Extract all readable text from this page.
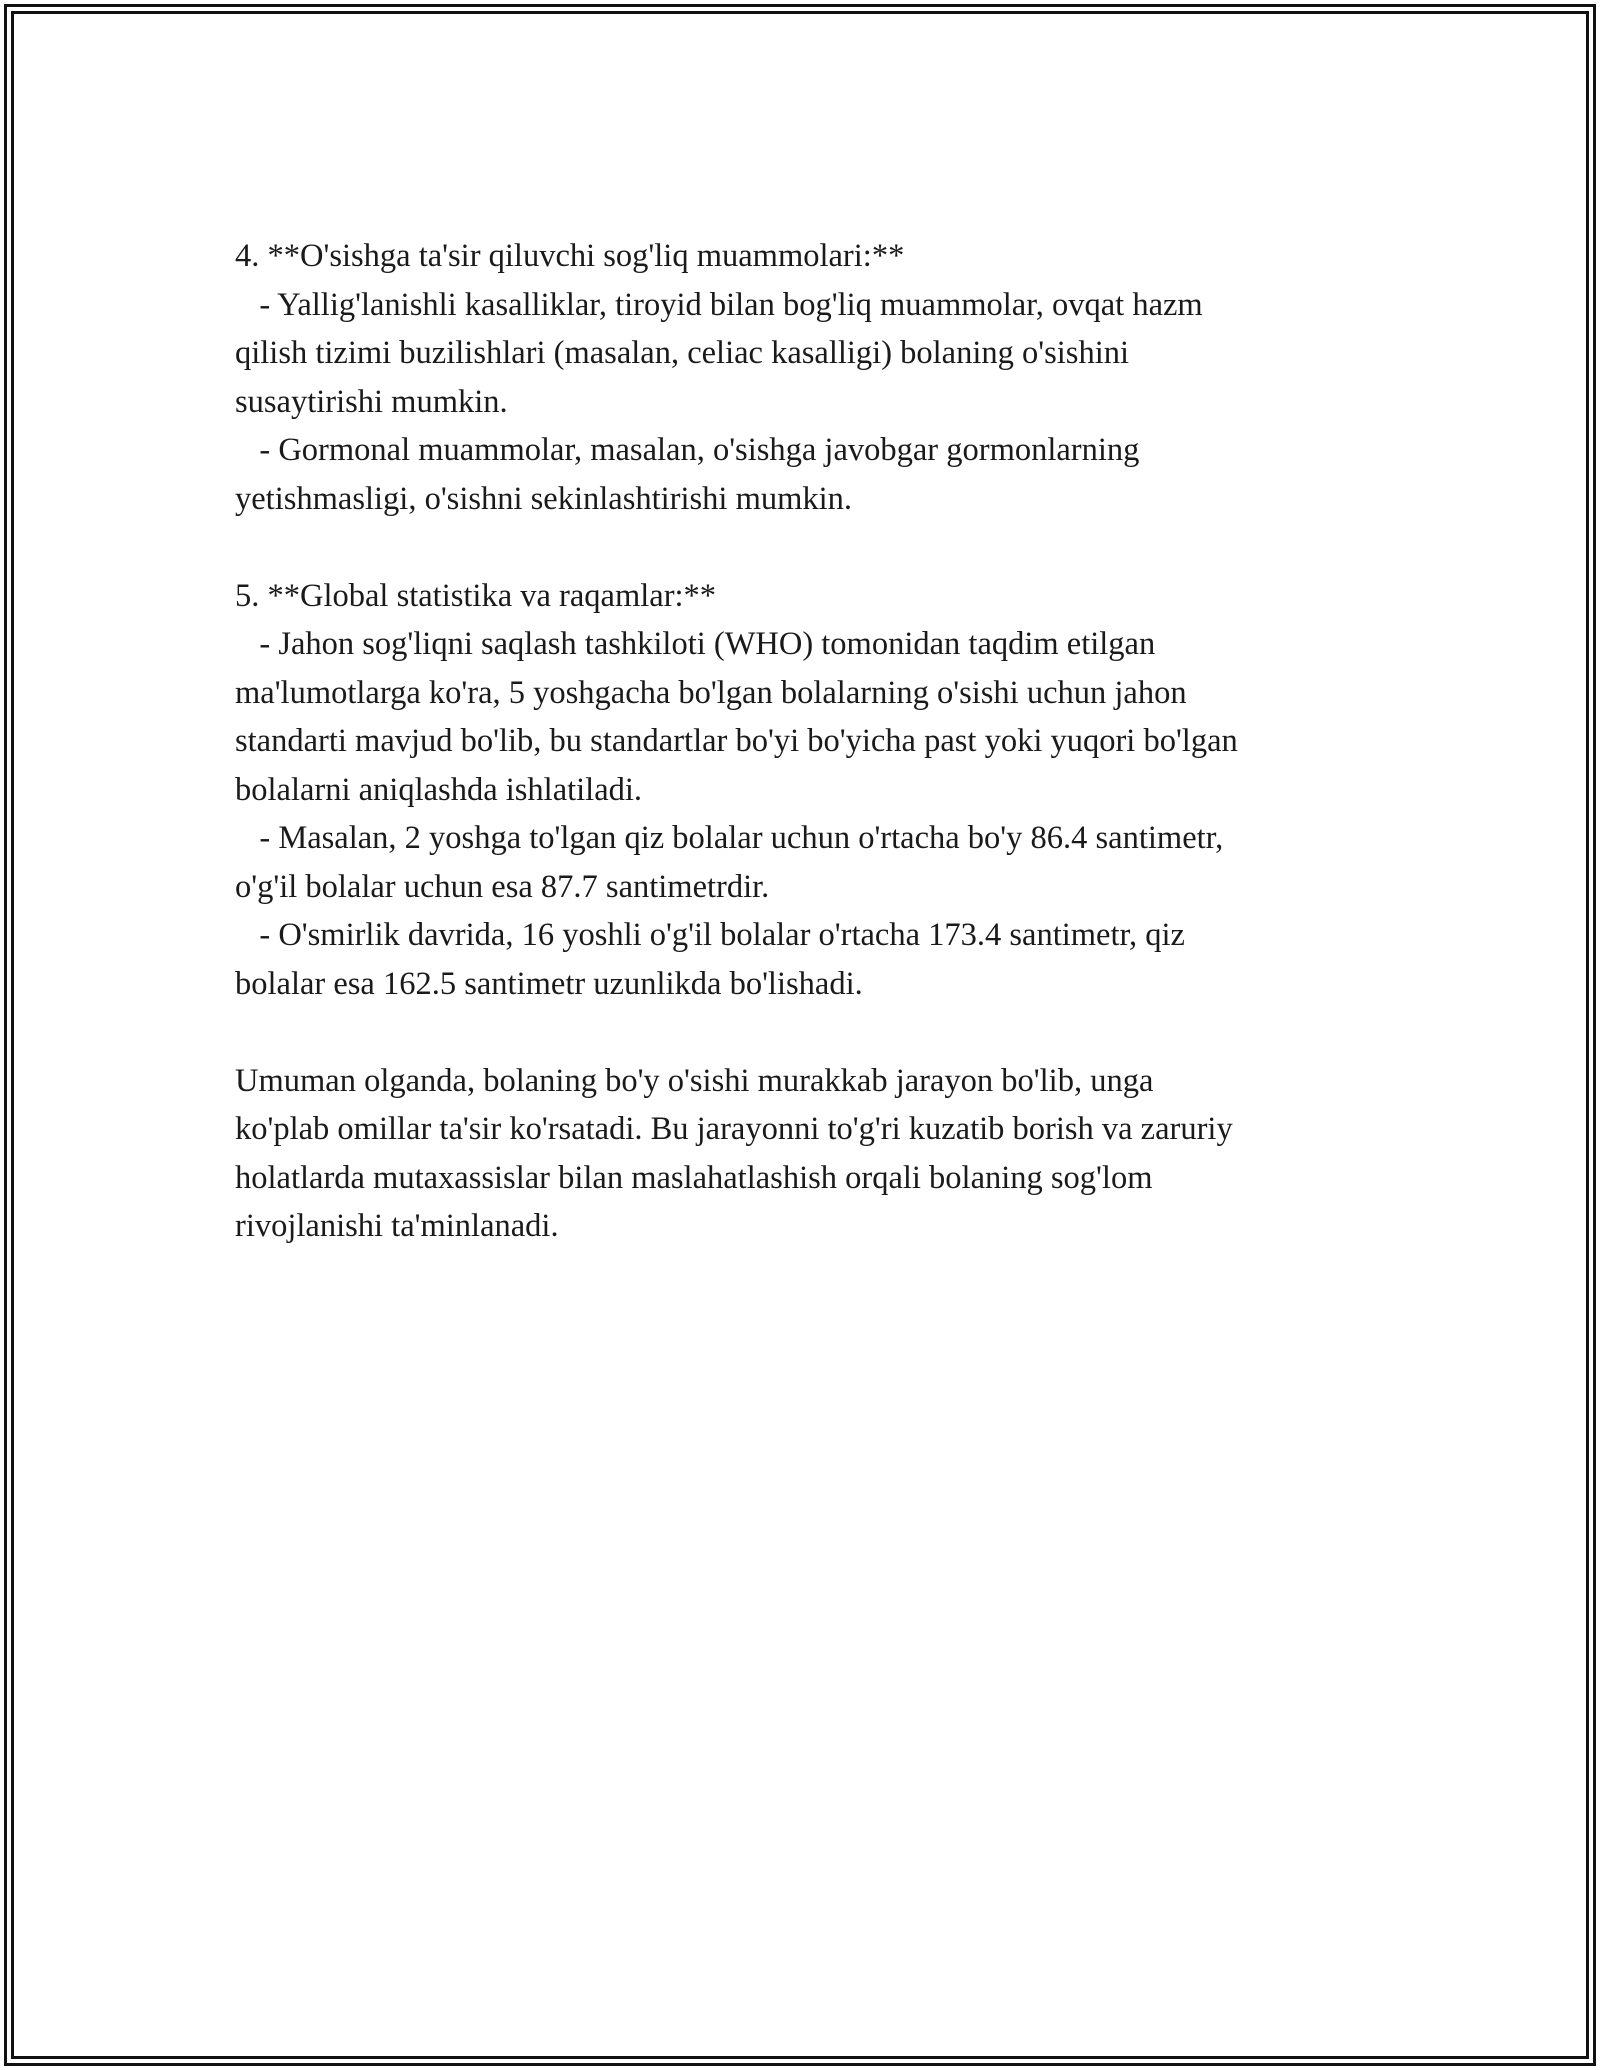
4. **O'sishga ta'sir qiluvchi sog'liq muammolari:**
- Yallig'lanishli kasalliklar, tiroyid bilan bog'liq muammolar, ovqat hazm
qilish tizimi buzilishlari (masalan, celiac kasalligi) bolaning o'sishini
susaytirishi mumkin.
- Gormonal muammolar, masalan, o'sishga javobgar gormonlarning
yetishmasligi, o'sishni sekinlashtirishi mumkin.
5. **Global statistika va raqamlar:**
- Jahon sog'liqni saqlash tashkiloti (WHO) tomonidan taqdim etilgan
ma'lumotlarga ko'ra, 5 yoshgacha bo'lgan bolalarning o'sishi uchun jahon
standarti mavjud bo'lib, bu standartlar bo'yi bo'yicha past yoki yuqori bo'lgan
bolalarni aniqlashda ishlatiladi.
- Masalan, 2 yoshga to'lgan qiz bolalar uchun o'rtacha bo'y 86.4 santimetr,
o'g'il bolalar uchun esa 87.7 santimetrdir.
- O'smirlik davrida, 16 yoshli o'g'il bolalar o'rtacha 173.4 santimetr, qiz
bolalar esa 162.5 santimetr uzunlikda bo'lishadi.
Umuman olganda, bolaning bo'y o'sishi murakkab jarayon bo'lib, unga
ko'plab omillar ta'sir ko'rsatadi. Bu jarayonni to'g'ri kuzatib borish va zaruriy
holatlarda mutaxassislar bilan maslahatlashish orqali bolaning sog'lom
rivojlanishi ta'minlanadi.
